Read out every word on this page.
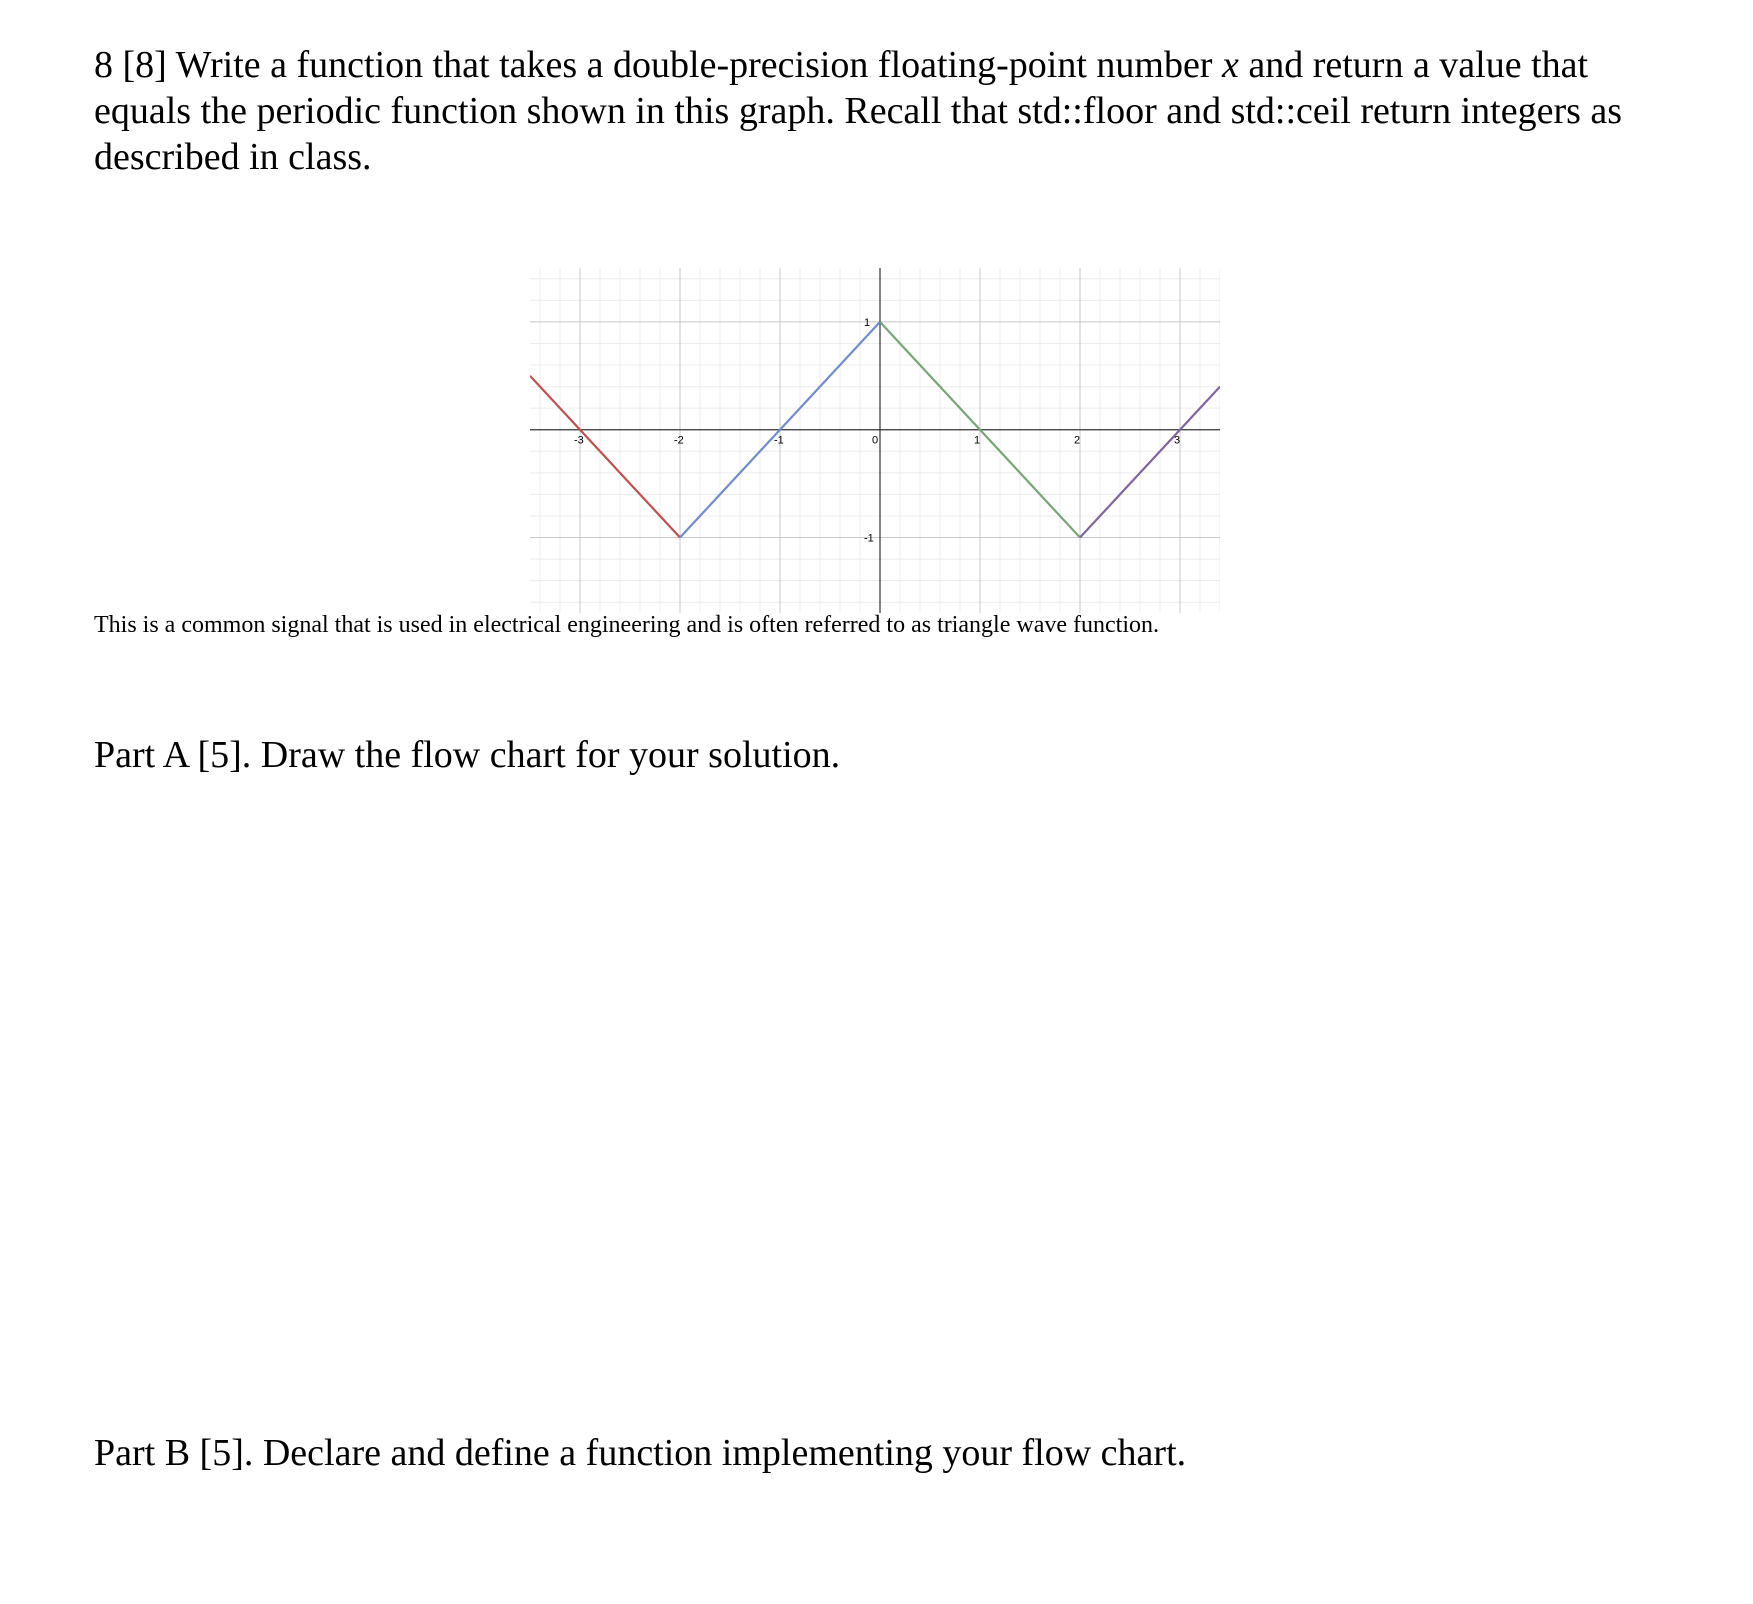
8 [8] Write a function that takes a double-precision floating-point number x and return a value that equals the periodic function shown in this graph. Recall that std::floor and std::ceil return integers as described in class.

-3	-2	-1	0	1	2	3
-1
1

This is a common signal that is used in electrical engineering and is often referred to as triangle wave function.

Part A [5]. Draw the flow chart for your solution.

Part B [5]. Declare and define a function implementing your flow chart.
